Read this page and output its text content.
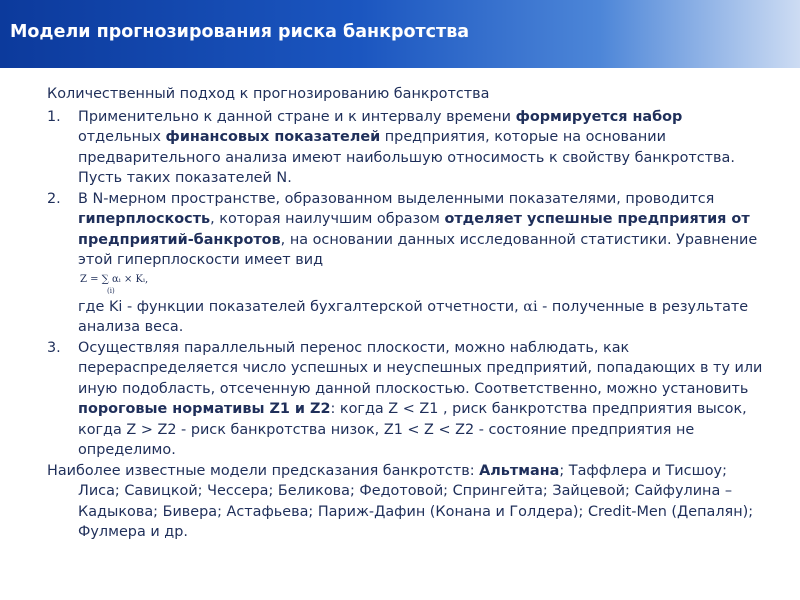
Модели прогнозирования риска банкротства

Количественный подход к прогнозированию банкротства

1. Применительно к данной стране и к интервалу времени формируется набор отдельных финансовых показателей предприятия, которые на основании предварительного анализа имеют наибольшую относимость к свойству банкротства. Пусть таких показателей N.
2. В N-мерном пространстве, образованном выделенными показателями, проводится гиперплоскость, которая наилучшим образом отделяет успешные предприятия от предприятий-банкротов, на основании данных исследованной статистики. Уравнение этой гиперплоскости имеет вид
Z = ∑ αᵢ × Kᵢ,
(i)
где Ki - функции показателей бухгалтерской отчетности, αi - полученные в результате анализа веса.
3. Осуществляя параллельный перенос плоскости, можно наблюдать, как перераспределяется число успешных и неуспешных предприятий, попадающих в ту или иную подобласть, отсеченную данной плоскостью. Соответственно, можно установить пороговые нормативы Z1 и Z2: когда Z < Z1 , риск банкротства предприятия высок, когда Z > Z2 - риск банкротства низок, Z1 < Z < Z2 - состояние предприятия не определимо.

Наиболее известные модели предсказания банкротств: Альтмана; Таффлера и Тисшоу; Лиса; Савицкой; Чессера; Беликова; Федотовой; Спрингейта; Зайцевой; Сайфулина – Кадыкова; Бивера; Астафьева; Париж-Дафин (Конана и Голдера); Credit-Men (Депалян); Фулмера и др.
